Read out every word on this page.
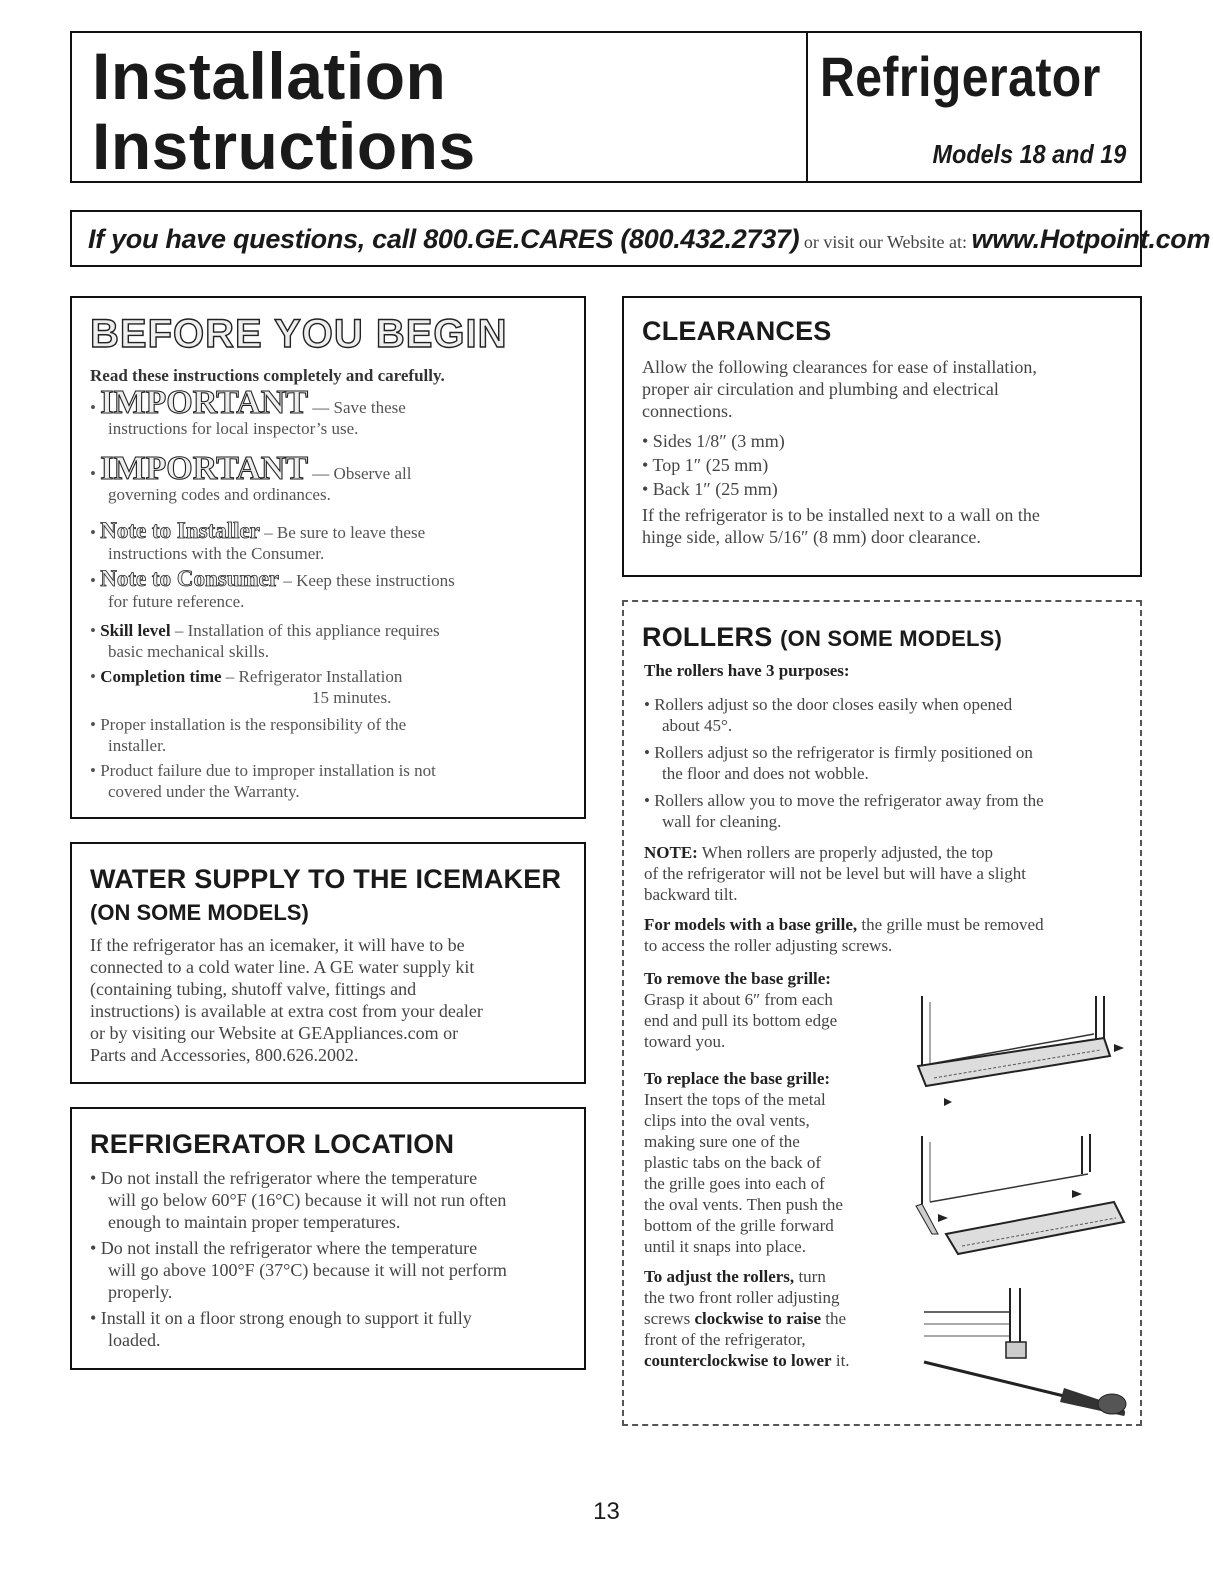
Installation
Instructions
Refrigerator
Models 18 and 19
If you have questions, call 800.GE.CARES (800.432.2737) or visit our Website at: www.Hotpoint.com
BEFORE YOU BEGIN
Read these instructions completely and carefully.
• IMPORTANT — Save these
instructions for local inspector’s use.
• IMPORTANT — Observe all
governing codes and ordinances.
• Note to Installer – Be sure to leave these
instructions with the Consumer.
• Note to Consumer – Keep these instructions
for future reference.
• Skill level – Installation of this appliance requires
basic mechanical skills.
• Completion time – Refrigerator Installation
15 minutes.
• Proper installation is the responsibility of the
installer.
• Product failure due to improper installation is not
covered under the Warranty.
WATER SUPPLY TO THE ICEMAKER
(ON SOME MODELS)
If the refrigerator has an icemaker, it will have to be
connected to a cold water line. A GE water supply kit
(containing tubing, shutoff valve, fittings and
instructions) is available at extra cost from your dealer
or by visiting our Website at GEAppliances.com or
Parts and Accessories, 800.626.2002.
REFRIGERATOR LOCATION
• Do not install the refrigerator where the temperature
will go below 60°F (16°C) because it will not run often
enough to maintain proper temperatures.
• Do not install the refrigerator where the temperature
will go above 100°F (37°C) because it will not perform
properly.
• Install it on a floor strong enough to support it fully
loaded.
CLEARANCES
Allow the following clearances for ease of installation,
proper air circulation and plumbing and electrical
connections.
• Sides 1/8″ (3 mm)
• Top 1″ (25 mm)
• Back 1″ (25 mm)
If the refrigerator is to be installed next to a wall on the
hinge side, allow 5/16″ (8 mm) door clearance.
ROLLERS (ON SOME MODELS)
The rollers have 3 purposes:
• Rollers adjust so the door closes easily when opened
about 45°.
• Rollers adjust so the refrigerator is firmly positioned on
the floor and does not wobble.
• Rollers allow you to move the refrigerator away from the
wall for cleaning.
NOTE: When rollers are properly adjusted, the top
of the refrigerator will not be level but will have a slight
backward tilt.
For models with a base grille, the grille must be removed
to access the roller adjusting screws.
To remove the base grille:
Grasp it about 6″ from each
end and pull its bottom edge
toward you.
To replace the base grille:
Insert the tops of the metal
clips into the oval vents,
making sure one of the
plastic tabs on the back of
the grille goes into each of
the oval vents. Then push the
bottom of the grille forward
until it snaps into place.
To adjust the rollers, turn
the two front roller adjusting
screws clockwise to raise the
front of the refrigerator,
counterclockwise to lower it.
13
